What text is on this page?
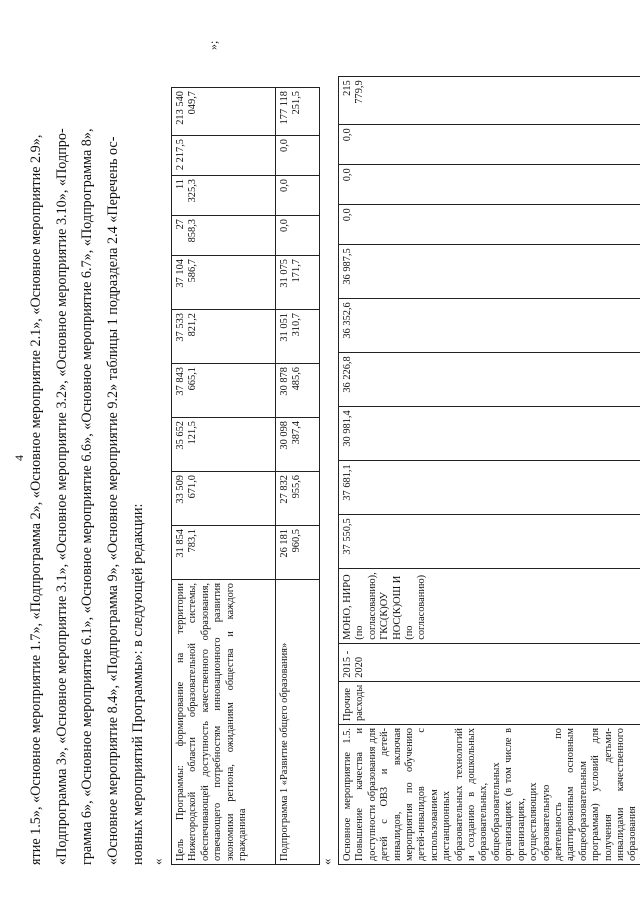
4 ятие 1.5», «Основное мероприятие 1.7», «Подпрограмма 2», «Основное мероприятие 2.1», «Основное мероприятие 2.9», «Подпрограмма 3», «Основное мероприятие 3.1», «Основное мероприятие 3.2», «Основное мероприятие 3.10», «Подпро- грамма 6», «Основное мероприятие 6.1», «Основное мероприятие 6.6», «Основное мероприятие 6.7», «Подпрограмма 8», «Основное мероприятие 8.4», «Подпрограмма 9», «Основное мероприятие 9.2» таблицы 1 подраздела 2.4 «Перечень ос- новных мероприятий Программы»: в следующей редакции: «
Цель Программы: формирование на территории Нижегородской области образовательной системы, обеспечивающей доступность качественного образования, отвечающего потребностям инновационного развития экономики региона, ожиданиям общества и каждого гражданина	31 854 783,1	33 509 671,0	35 652 121,5	37 843 665,1	37 533 821,2	37 104 586,7	27 858,3	11 325,3	2 217,5	213 540 049,7
Подпрограмма 1 «Развитие общего образования»	26 181 960,5	27 832 955,6	30 098 387,4	30 878 485,6	31 051 310,7	31 075 171,7	0,0	0,0	0,0	177 118 251,5
»;
«
Основное мероприятие 1.5. Повышение качества и доступности образования для детей с ОВЗ и детей-инвалидов, включая мероприятия по обучению детей-инвалидов с использованием дистанционных образовательных технологий и созданию в дошкольных образовательных, общеобразовательных организациях (в том числе в организациях, осуществляющих образовательную деятельность по адаптированным основным общеобразовательным программам) условий для получения детьми-инвалидами качественного образования	Прочие расходы	2015 - 2020	МОНО, НИРО (по согласованию), ГКС(К)ОУ НОС(К)ОШ И (по согласованию)	37 550,5	37 681,1	30 981,4	36 226,8	36 352,6	36 987,5	0,0	0,0	0,0	215 779,9
